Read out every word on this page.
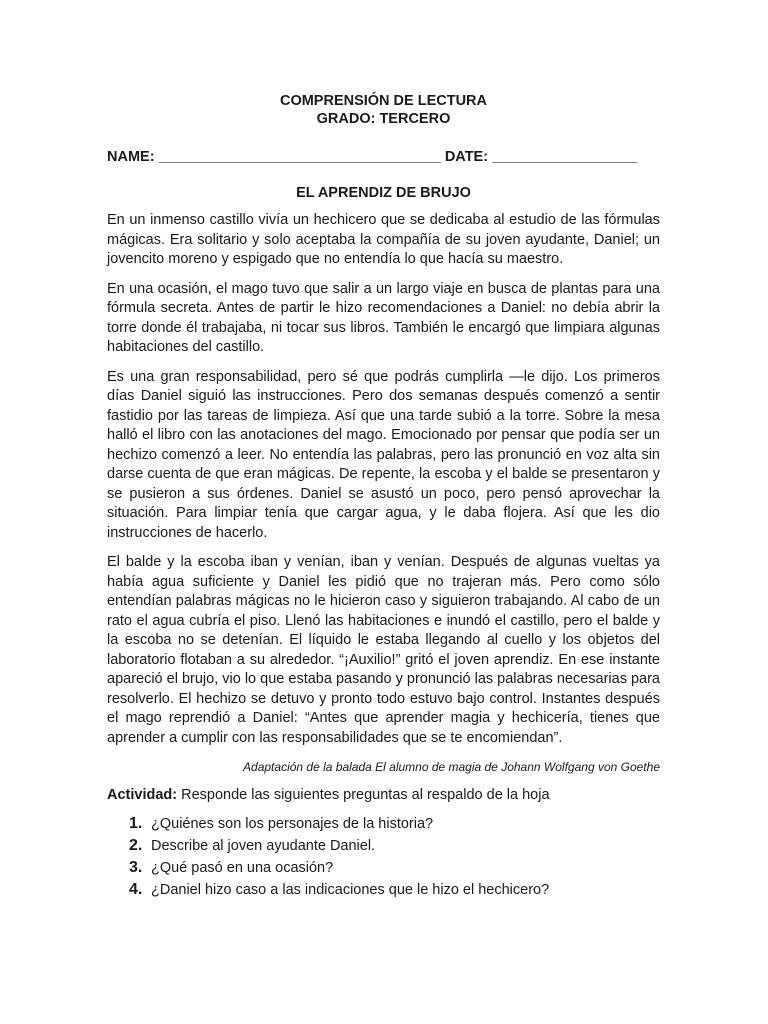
COMPRENSIÓN DE LECTURA
GRADO: TERCERO
NAME: ___________________________________ DATE: __________________
EL APRENDIZ DE BRUJO

En un inmenso castillo vivía un hechicero que se dedicaba al estudio de las fórmulas mágicas. Era solitario y solo aceptaba la compañía de su joven ayudante, Daniel; un jovencito moreno y espigado que no entendía lo que hacía su maestro.

En una ocasión, el mago tuvo que salir a un largo viaje en busca de plantas para una fórmula secreta. Antes de partir le hizo recomendaciones a Daniel: no debía abrir la torre donde él trabajaba, ni tocar sus libros. También le encargó que limpiara algunas habitaciones del castillo.

Es una gran responsabilidad, pero sé que podrás cumplirla —le dijo. Los primeros días Daniel siguió las instrucciones. Pero dos semanas después comenzó a sentir fastidio por las tareas de limpieza. Así que una tarde subió a la torre. Sobre la mesa halló el libro con las anotaciones del mago. Emocionado por pensar que podía ser un hechizo comenzó a leer. No entendía las palabras, pero las pronunció en voz alta sin darse cuenta de que eran mágicas. De repente, la escoba y el balde se presentaron y se pusieron a sus órdenes. Daniel se asustó un poco, pero pensó aprovechar la situación. Para limpiar tenía que cargar agua, y le daba flojera. Así que les dio instrucciones de hacerlo.

El balde y la escoba iban y venían, iban y venían. Después de algunas vueltas ya había agua suficiente y Daniel les pidió que no trajeran más. Pero como sólo entendían palabras mágicas no le hicieron caso y siguieron trabajando. Al cabo de un rato el agua cubría el piso. Llenó las habitaciones e inundó el castillo, pero el balde y la escoba no se detenían. El líquido le estaba llegando al cuello y los objetos del laboratorio flotaban a su alrededor. “¡Auxilio!” gritó el joven aprendiz. En ese instante apareció el brujo, vio lo que estaba pasando y pronunció las palabras necesarias para resolverlo. El hechizo se detuvo y pronto todo estuvo bajo control. Instantes después el mago reprendió a Daniel: “Antes que aprender magia y hechicería, tienes que aprender a cumplir con las responsabilidades que se te encomiendan”.

Adaptación de la balada El alumno de magia de Johann Wolfgang von Goethe
Actividad: Responde las siguientes preguntas al respaldo de la hoja
1. ¿Quiénes son los personajes de la historia?
2. Describe al joven ayudante Daniel.
3. ¿Qué pasó en una ocasión?
4. ¿Daniel hizo caso a las indicaciones que le hizo el hechicero?
